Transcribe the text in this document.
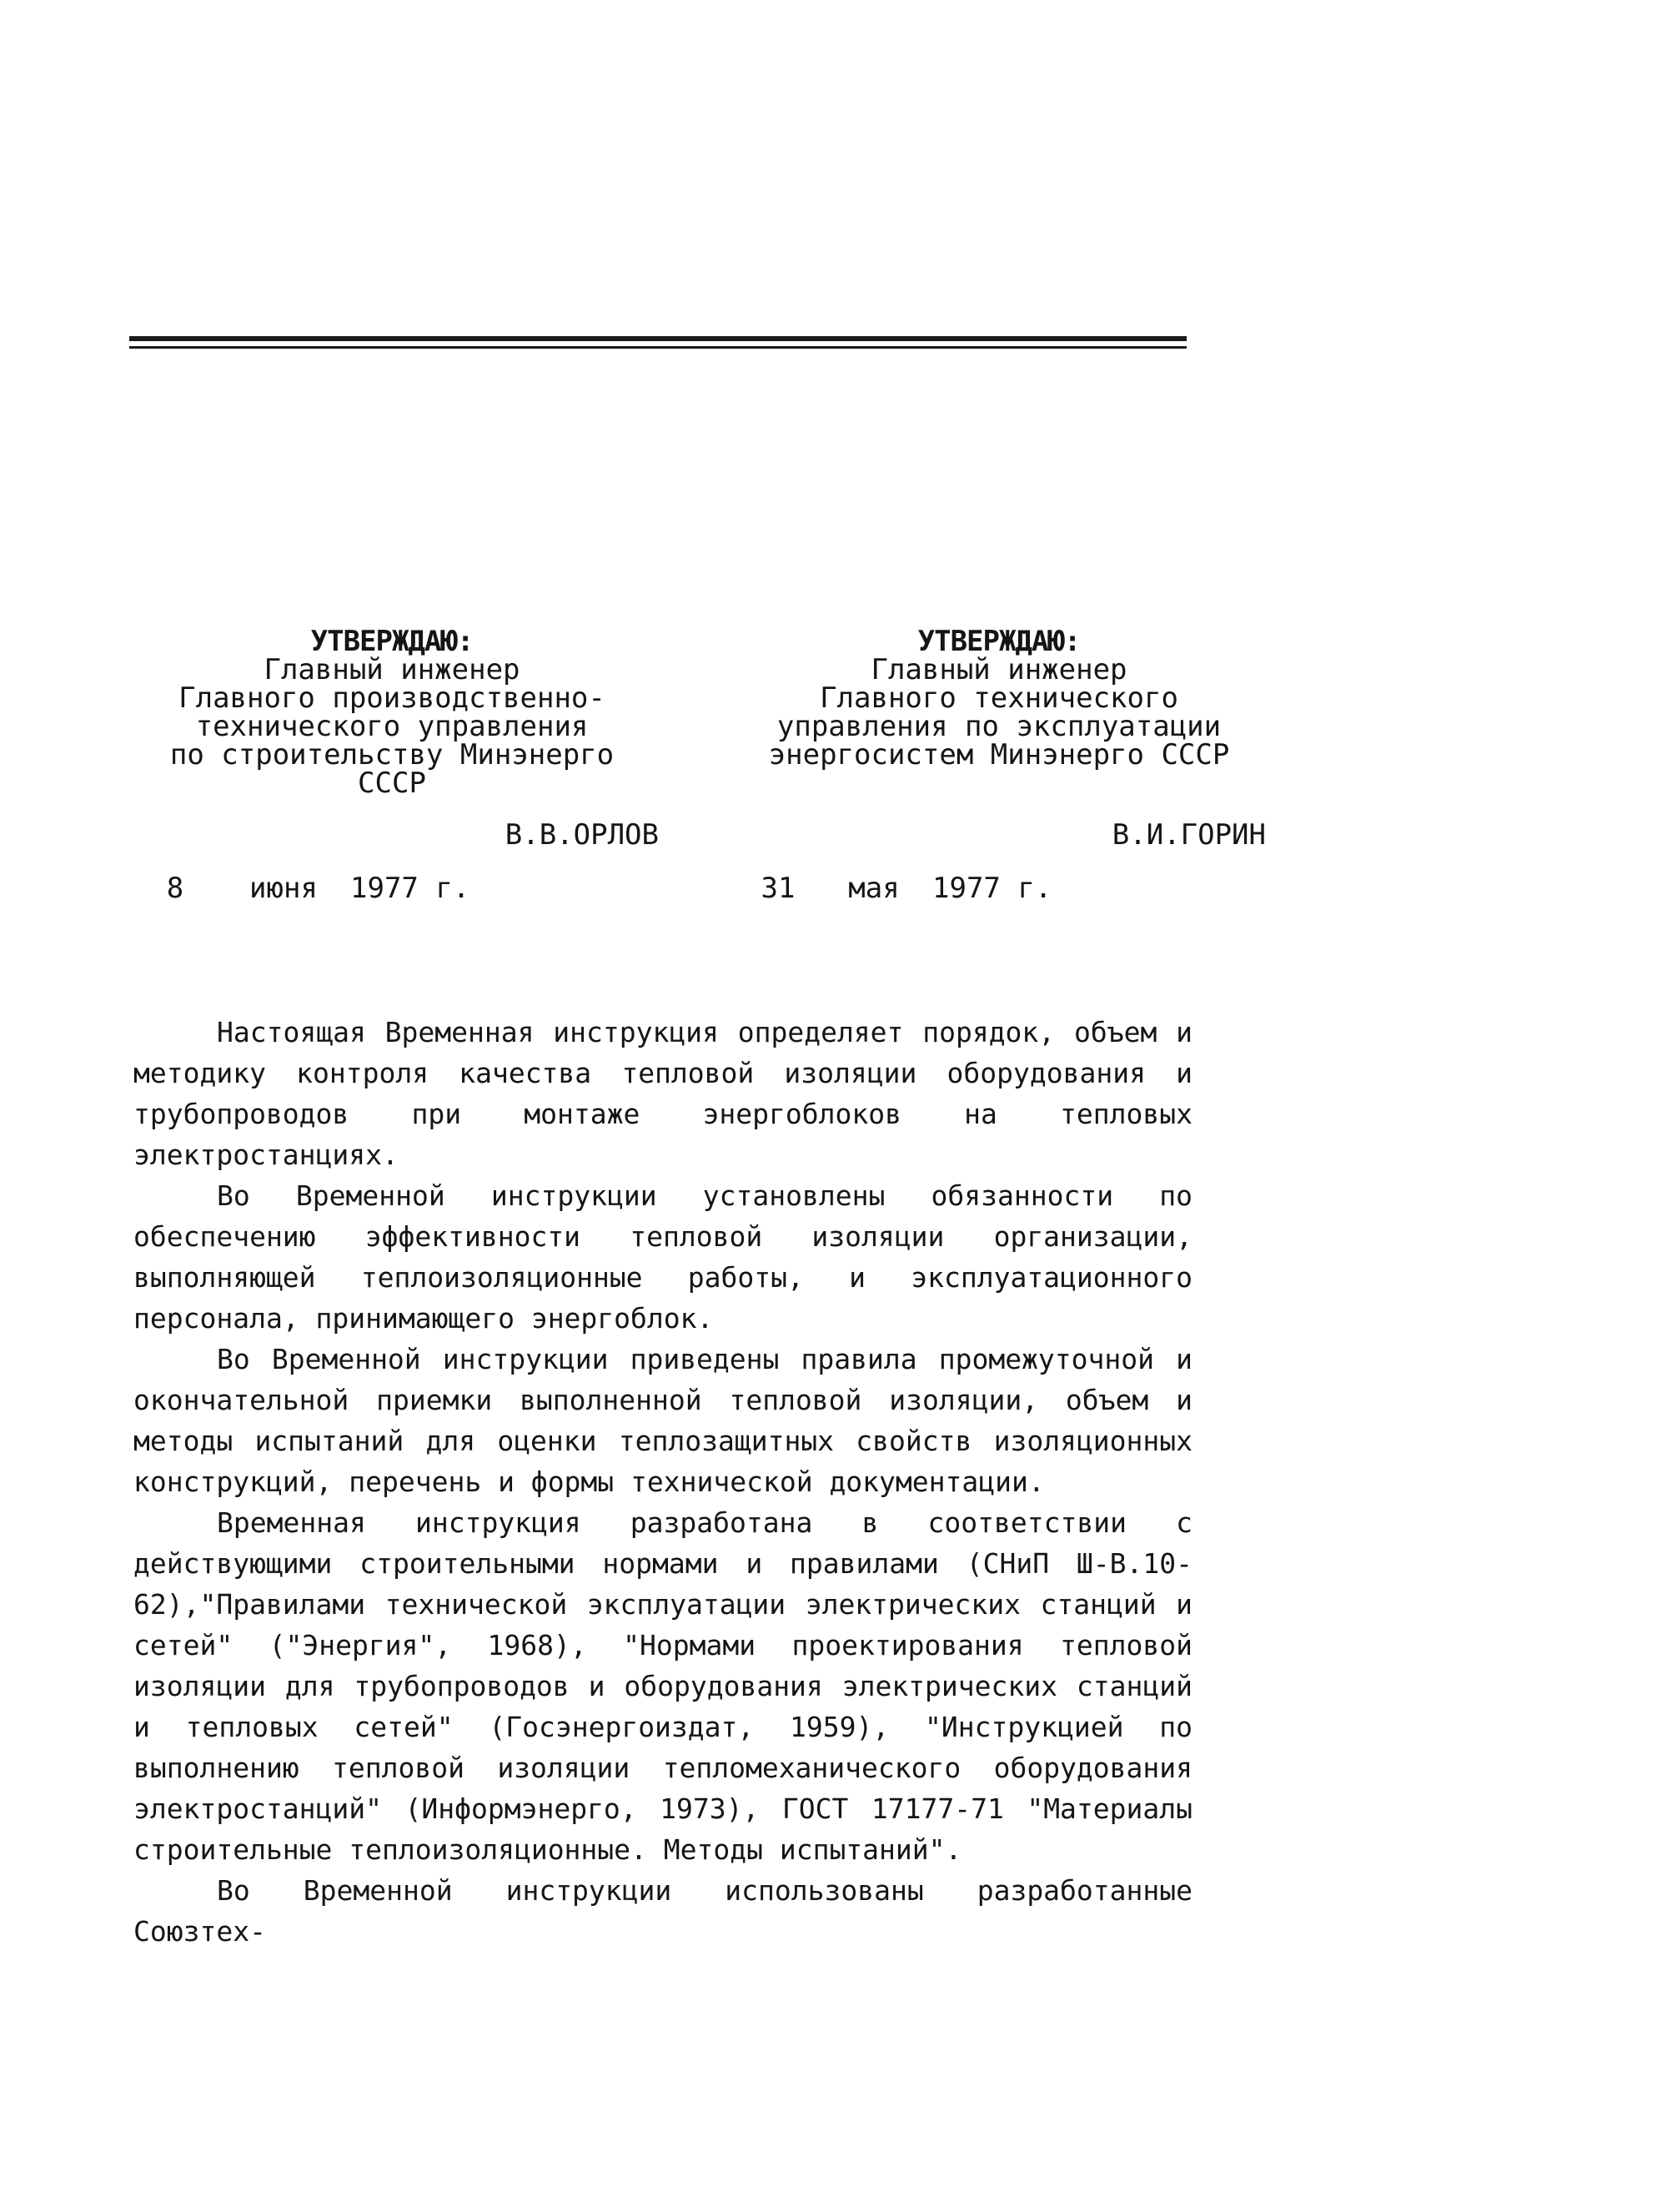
УТВЕРЖДАЮ:
Главный инженер
Главного производственно-
технического управления
по строительству Минэнерго
СССР
В.В.ОРЛОВ
8	июня	1977 г.
УТВЕРЖДАЮ:
Главный инженер
Главного технического
управления по эксплуатации
энергосистем Минэнерго СССР
В.И.ГОРИН
31	мая	1977 г.

Настоящая Временная инструкция определяет порядок, объем и методику контроля качества тепловой изоляции оборудования и трубопроводов при монтаже энергоблоков на тепловых электростанциях.

Во Временной инструкции установлены обязанности по обеспечению эффективности тепловой изоляции организации, выполняющей теплоизоляционные работы, и эксплуатационного персонала, принимающего энергоблок.

Во Временной инструкции приведены правила промежуточной и окончательной приемки выполненной тепловой изоляции, объем и методы испытаний для оценки теплозащитных свойств изоляционных конструкций, перечень и формы технической документации.

Временная инструкция разработана в соответствии с действующими строительными нормами и правилами (СНиП Ш-В.10-62),"Правилами технической эксплуатации электрических станций и сетей" ("Энергия", 1968), "Нормами проектирования тепловой изоляции для трубопроводов и оборудования электрических станций и тепловых сетей" (Госэнергоиздат, 1959), "Инструкцией по выполнению тепловой изоляции тепломеханического оборудования электростанций" (Информэнерго, 1973), ГОСТ 17177-71 "Материалы строительные теплоизоляционные. Методы испытаний".

Во Временной инструкции использованы разработанные Союзтех-
